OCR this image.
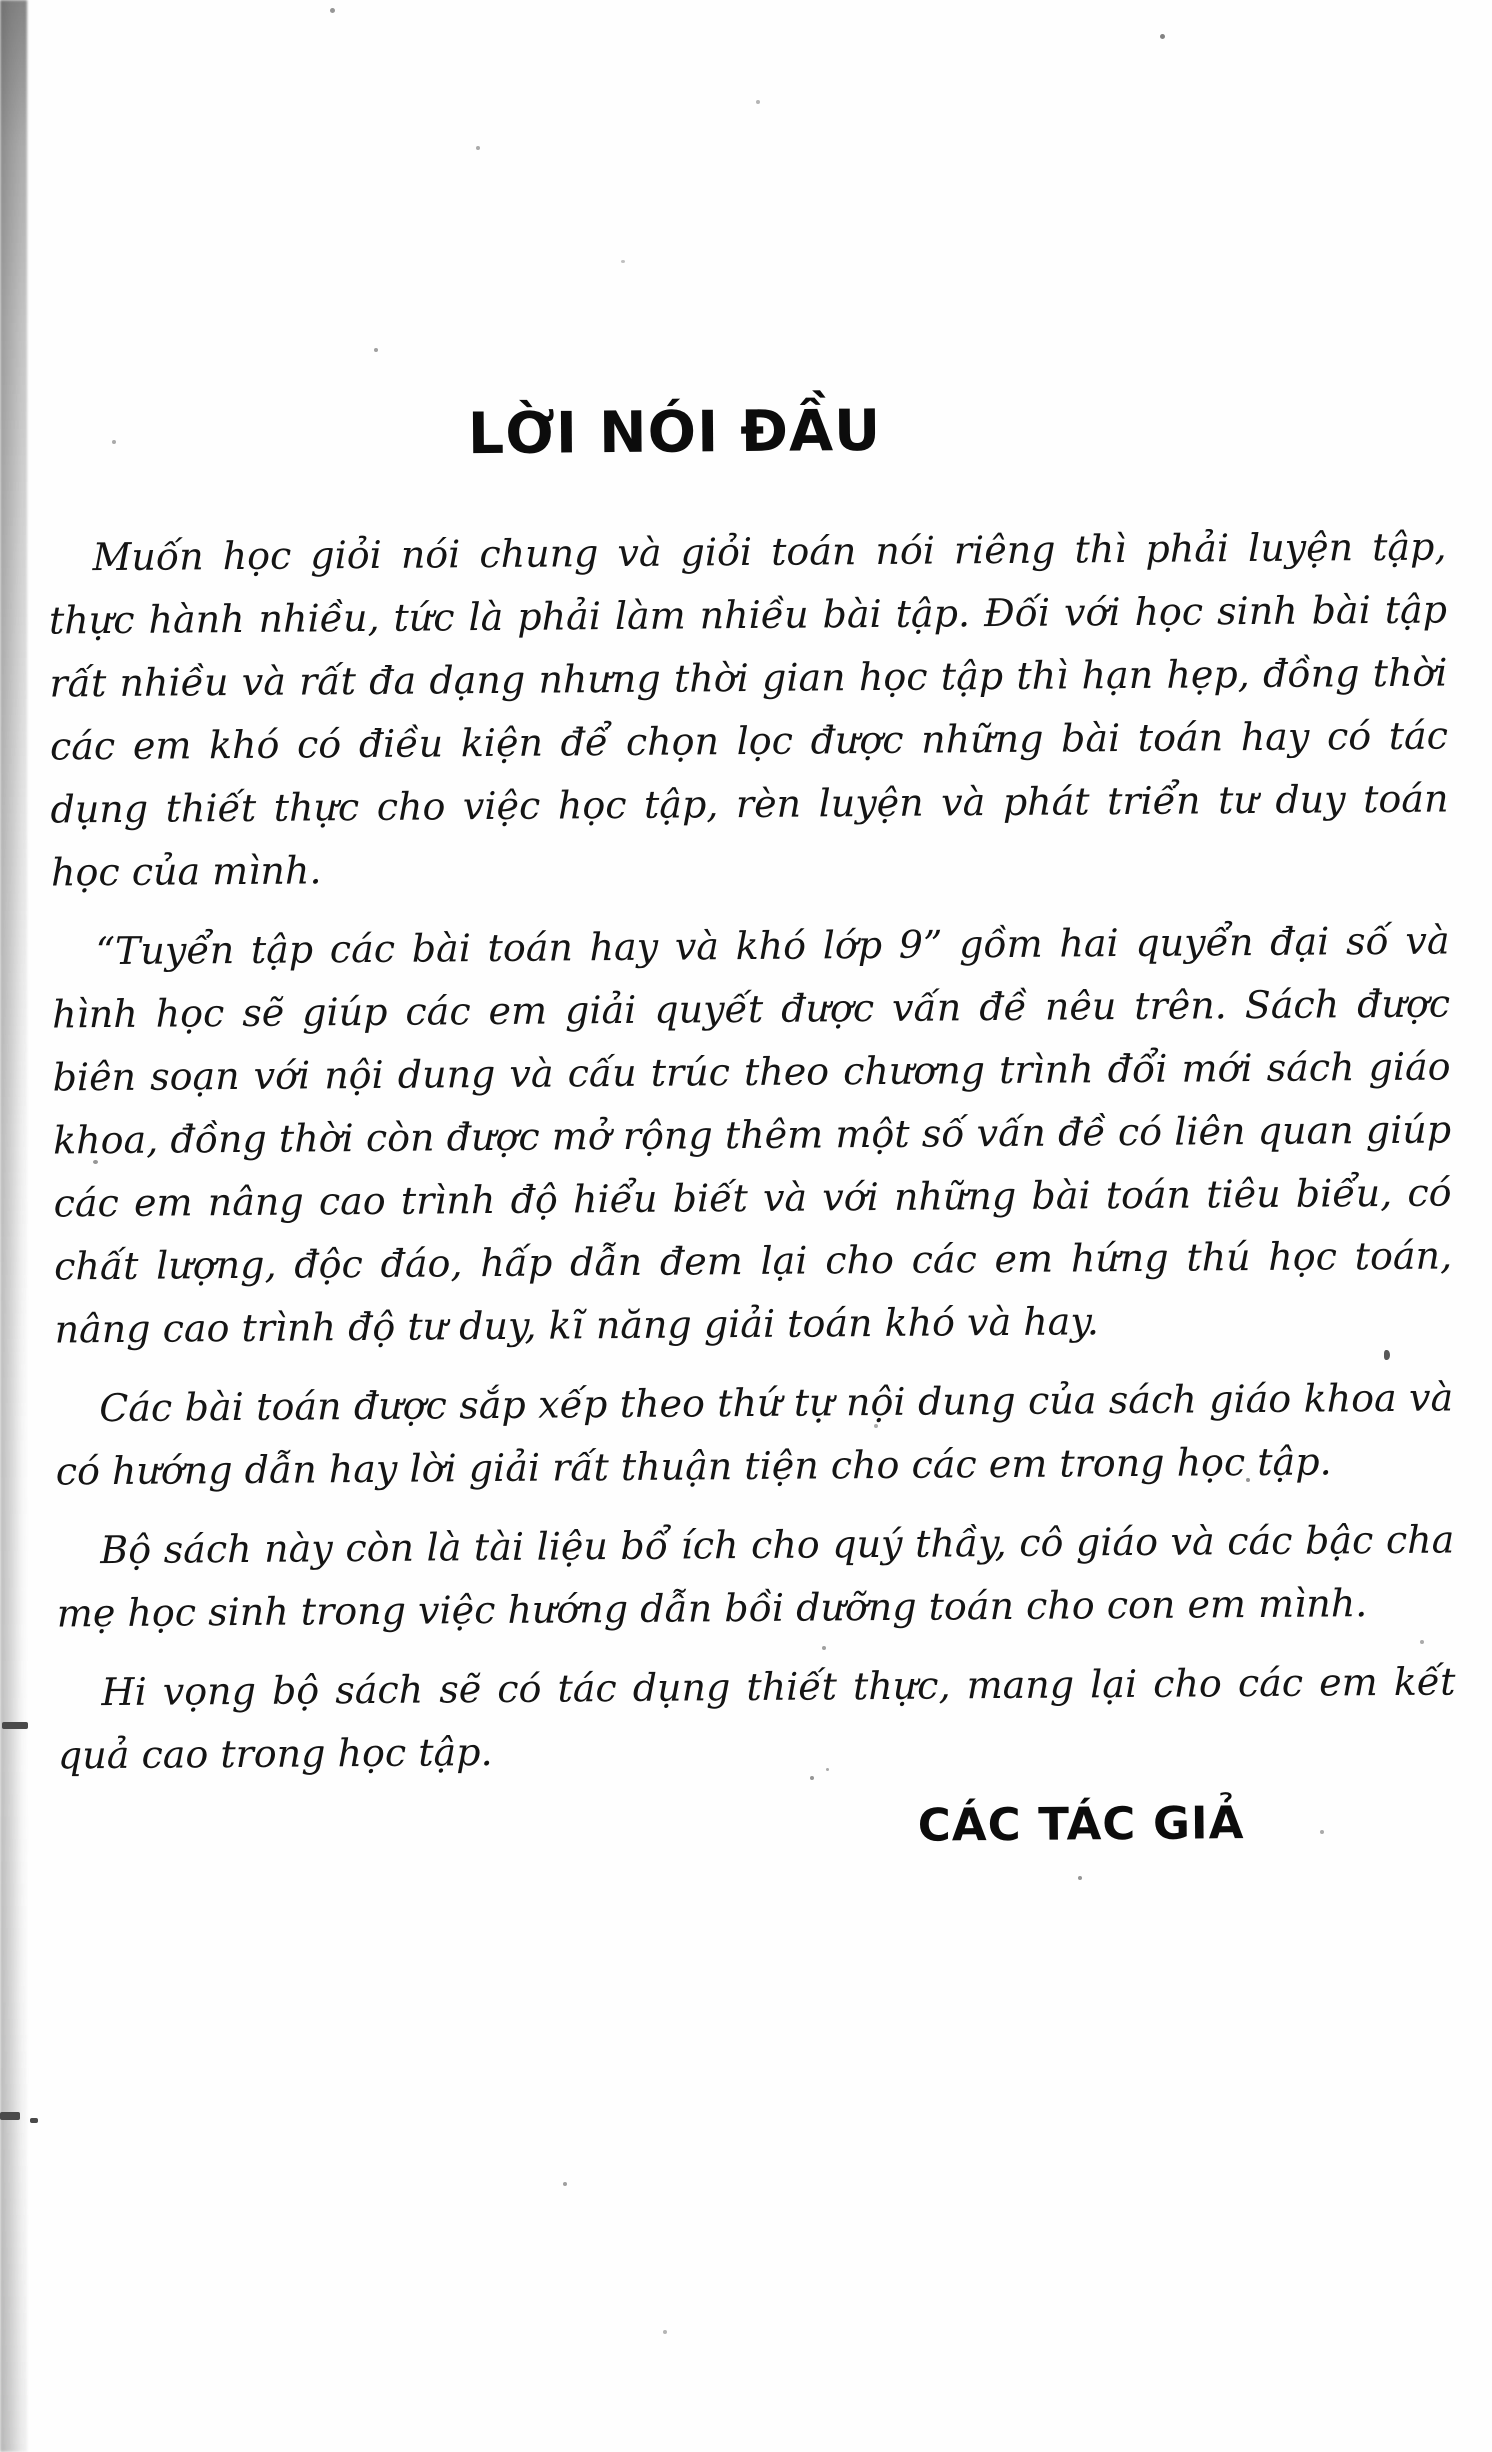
LỜI NÓI ĐẦU

Muốn học giỏi nói chung và giỏi toán nói riêng thì phải luyện tập, thực hành nhiều, tức là phải làm nhiều bài tập. Đối với học sinh bài tập rất nhiều và rất đa dạng nhưng thời gian học tập thì hạn hẹp, đồng thời các em khó có điều kiện để chọn lọc được những bài toán hay có tác dụng thiết thực cho việc học tập, rèn luyện và phát triển tư duy toán học của mình.

“Tuyển tập các bài toán hay và khó lớp 9” gồm hai quyển đại số và hình học sẽ giúp các em giải quyết được vấn đề nêu trên. Sách được biên soạn với nội dung và cấu trúc theo chương trình đổi mới sách giáo khoa, đồng thời còn được mở rộng thêm một số vấn đề có liên quan giúp các em nâng cao trình độ hiểu biết và với những bài toán tiêu biểu, có chất lượng, độc đáo, hấp dẫn đem lại cho các em hứng thú học toán, nâng cao trình độ tư duy, kĩ năng giải toán khó và hay.

Các bài toán được sắp xếp theo thứ tự nội dung của sách giáo khoa và có hướng dẫn hay lời giải rất thuận tiện cho các em trong học tập.

Bộ sách này còn là tài liệu bổ ích cho quý thầy, cô giáo và các bậc cha mẹ học sinh trong việc hướng dẫn bồi dưỡng toán cho con em mình.

Hi vọng bộ sách sẽ có tác dụng thiết thực, mang lại cho các em kết quả cao trong học tập.

CÁC TÁC GIẢ
